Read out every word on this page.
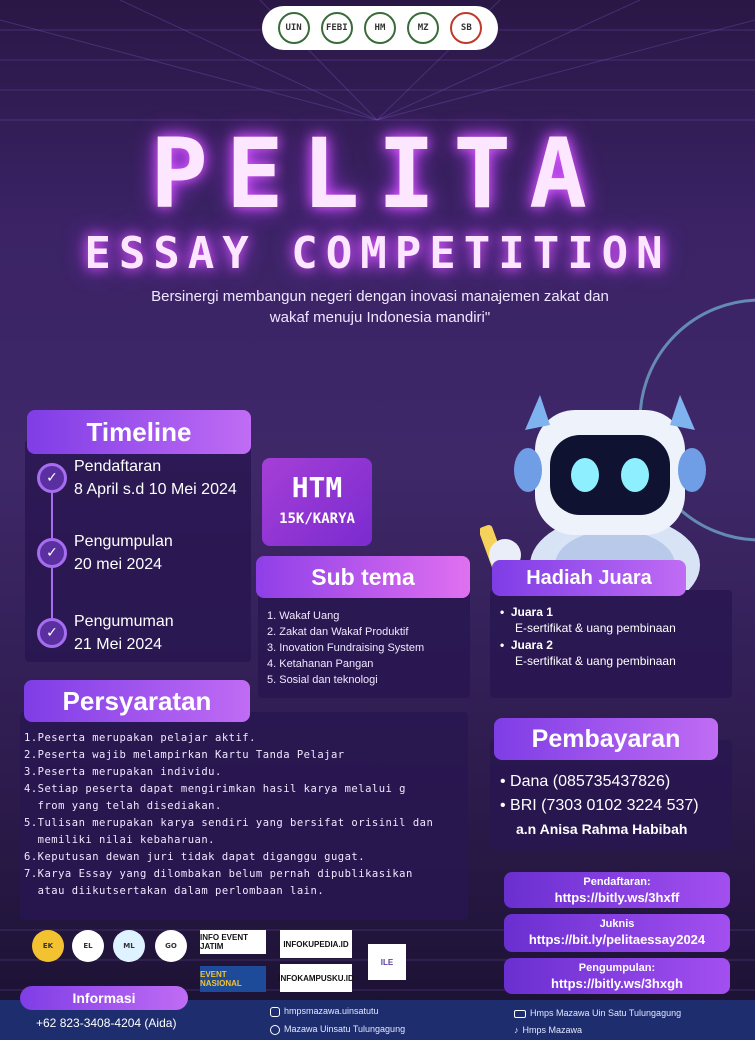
UIN	FEBI	HM	MZ	SB
PELITA
ESSAY COMPETITION
Bersinergi membangun negeri dengan inovasi manajemen zakat dan
wakaf menuju Indonesia mandiri"
Timeline
✓
Pendaftaran
8 April s.d 10 Mei 2024
✓
Pengumpulan
20 mei 2024
✓
Pengumuman
21 Mei 2024
HTM
15K/KARYA
Sub tema
1. Wakaf Uang
2. Zakat dan Wakaf Produktif
3. Inovation Fundraising System
4. Ketahanan Pangan
5. Sosial dan teknologi
Hadiah Juara
•  Juara 1
E-sertifikat & uang pembinaan
•  Juara 2
E-sertifikat & uang pembinaan
Persyaratan
1.Peserta merupakan pelajar aktif.
2.Peserta wajib melampirkan Kartu Tanda Pelajar
3.Peserta merupakan individu.
4.Setiap peserta dapat mengirimkan hasil karya melalui g
from yang telah disediakan.
5.Tulisan merupakan karya sendiri yang bersifat orisinil dan
memiliki nilai kebaharuan.
6.Keputusan dewan juri tidak dapat diganggu gugat.
7.Karya Essay yang dilombakan belum pernah dipublikasikan
atau diikutsertakan dalam perlombaan lain.
Pembayaran
• Dana (085735437826)
• BRI (7303 0102 3224 537)
a.n Anisa Rahma Habibah
Pendaftaran:
https://bitly.ws/3hxff
Juknis
https://bit.ly/pelitaessay2024
Pengumpulan:
https://bitly.ws/3hxgh
EK	EL	ML	GO
INFO EVENT JATIM	INFOKUPEDIA.ID
ILE
EVENT NASIONAL
INFOKAMPUSKU.ID
Informasi
+62 823-3408-4204 (Aida)
hmpsmazawa.uinsatutu
Mazawa Uinsatu Tulungagung
Hmps Mazawa Uin Satu Tulungagung
♪ Hmps Mazawa
